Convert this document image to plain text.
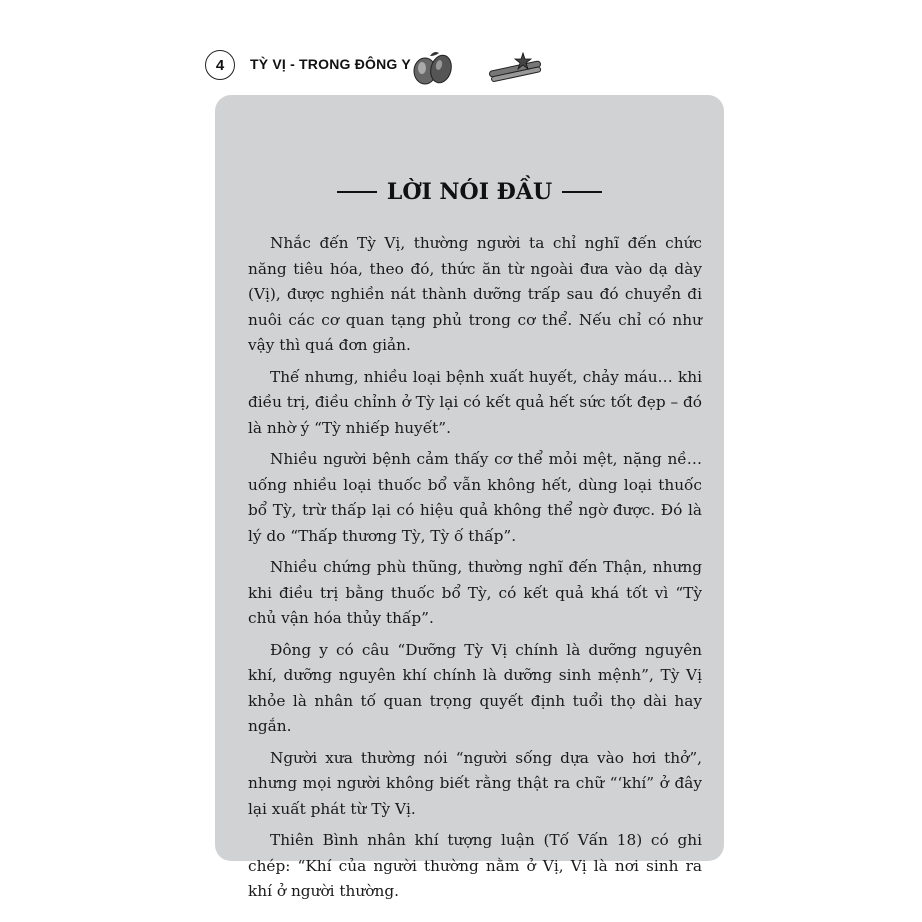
4	TỲ VỊ - TRONG ĐÔNG Y
LỜI NÓI ĐẦU

Nhắc đến Tỳ Vị, thường người ta chỉ nghĩ đến chức năng tiêu hóa, theo đó, thức ăn từ ngoài đưa vào dạ dày (Vị), được nghiền nát thành dưỡng trấp sau đó chuyển đi nuôi các cơ quan tạng phủ trong cơ thể. Nếu chỉ có như vậy thì quá đơn giản.

Thế nhưng, nhiều loại bệnh xuất huyết, chảy máu… khi điều trị, điều chỉnh ở Tỳ lại có kết quả hết sức tốt đẹp – đó là nhờ ý “Tỳ nhiếp huyết”.

Nhiều người bệnh cảm thấy cơ thể mỏi mệt, nặng nề… uống nhiều loại thuốc bổ vẫn không hết, dùng loại thuốc bổ Tỳ, trừ thấp lại có hiệu quả không thể ngờ được. Đó là lý do “Thấp thương Tỳ, Tỳ ố thấp”.

Nhiều chứng phù thũng, thường nghĩ đến Thận, nhưng khi điều trị bằng thuốc bổ Tỳ, có kết quả khá tốt vì “Tỳ chủ vận hóa thủy thấp”.

Đông y có câu “Dưỡng Tỳ Vị chính là dưỡng nguyên khí, dưỡng nguyên khí chính là dưỡng sinh mệnh”, Tỳ Vị khỏe là nhân tố quan trọng quyết định tuổi thọ dài hay ngắn.

Người xưa thường nói “người sống dựa vào hơi thở”, nhưng mọi người không biết rằng thật ra chữ “‘khí” ở đây lại xuất phát từ Tỳ Vị.

Thiên Bình nhân khí tượng luận (Tố Vấn 18) có ghi chép: “Khí của người thường nằm ở Vị, Vị là nơi sinh ra khí ở người thường.
